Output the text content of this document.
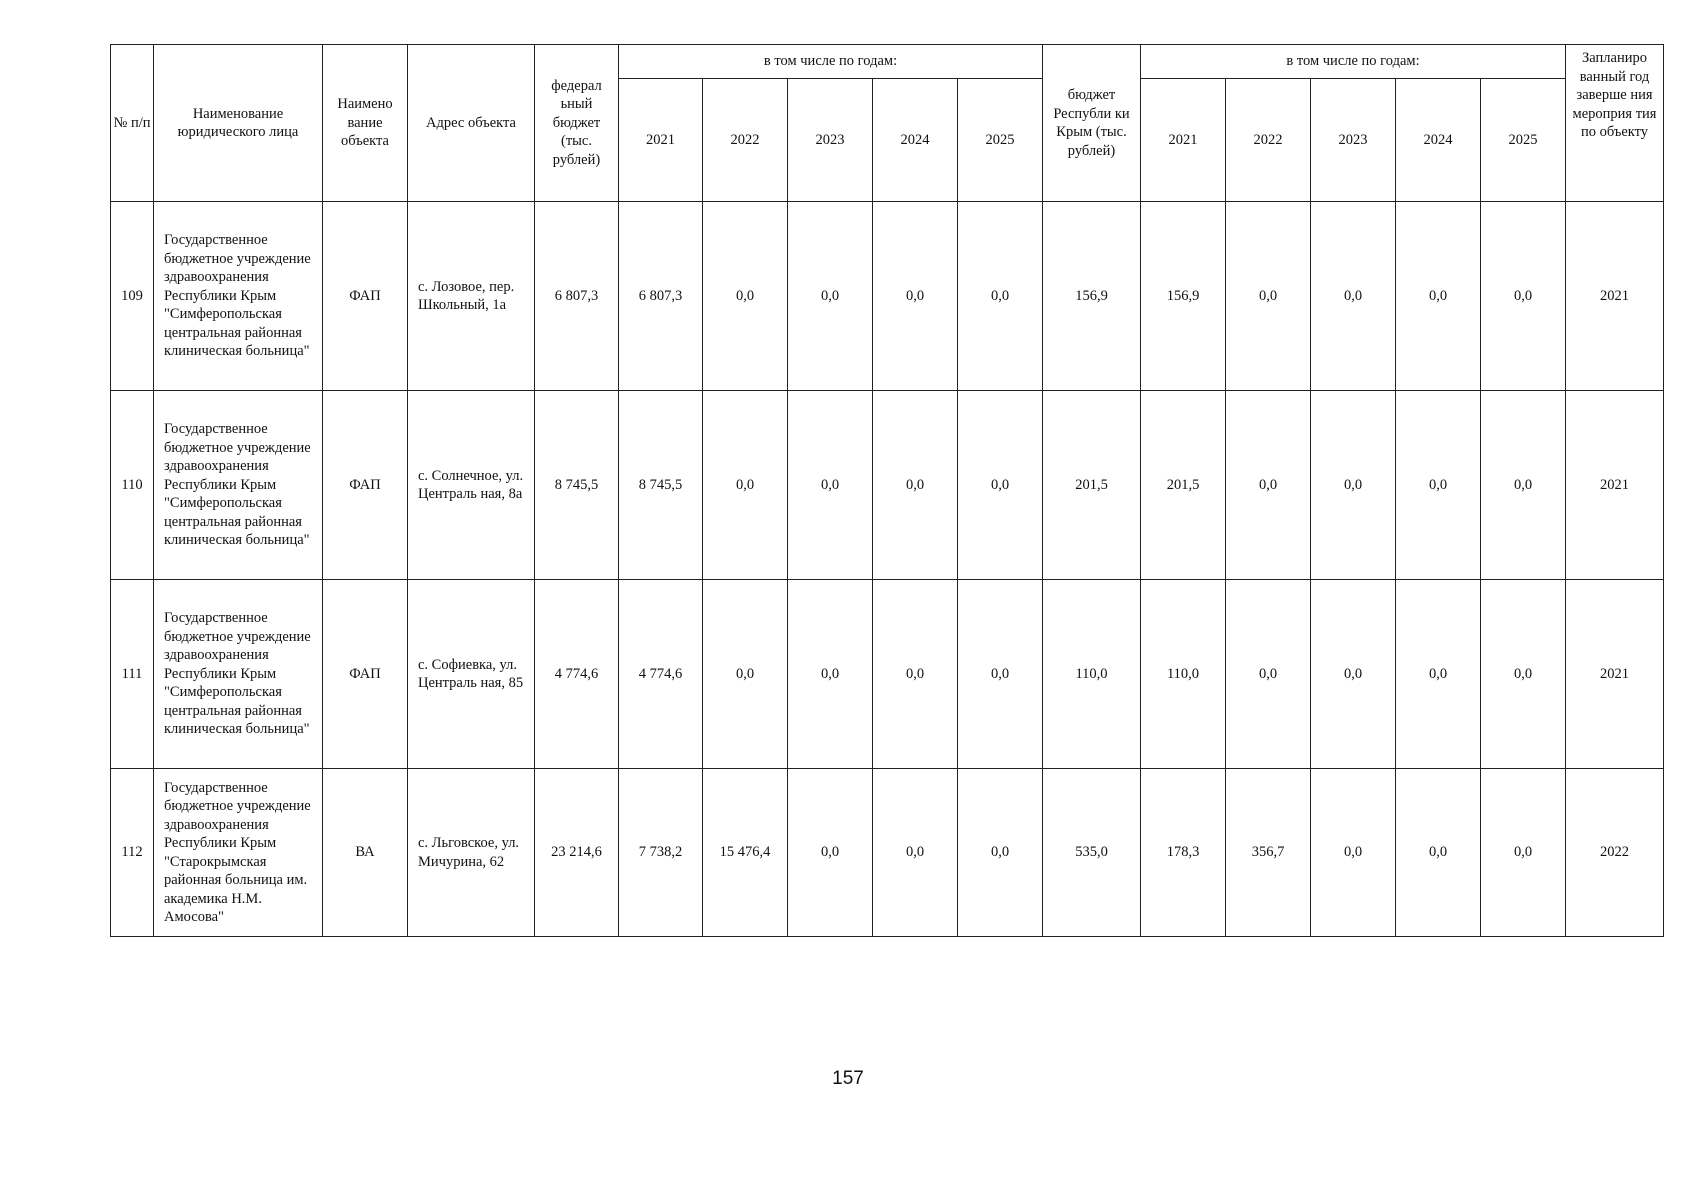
№ п/п	Наименование юридического лица	Наимено вание объекта	Адрес объекта	федерал ьный бюджет (тыс. рублей)	в том числе по годам:					бюджет Республи ки Крым (тыс. рублей)	в том числе по годам:					Запланиро ванный год заверше ния мероприя тия по объекту
					2021	2022	2023	2024	2025		2021	2022	2023	2024	2025	
109	Государственное бюджетное учреждение здравоохранения Республики Крым "Симферопольская центральная районная клиническая больница"	ФАП	с. Лозовое, пер. Школьный, 1а	6 807,3	6 807,3	0,0	0,0	0,0	0,0	156,9	156,9	0,0	0,0	0,0	0,0	2021
110	Государственное бюджетное учреждение здравоохранения Республики Крым "Симферопольская центральная районная клиническая больница"	ФАП	с. Солнечное, ул. Централь ная, 8а	8 745,5	8 745,5	0,0	0,0	0,0	0,0	201,5	201,5	0,0	0,0	0,0	0,0	2021
111	Государственное бюджетное учреждение здравоохранения Республики Крым "Симферопольская центральная районная клиническая больница"	ФАП	с. Софиевка, ул. Централь ная, 85	4 774,6	4 774,6	0,0	0,0	0,0	0,0	110,0	110,0	0,0	0,0	0,0	0,0	2021
112	Государственное бюджетное учреждение здравоохранения Республики Крым "Старокрымская районная больница им. академика Н.М. Амосова"	ВА	с. Льговское, ул. Мичурина, 62	23 214,6	7 738,2	15 476,4	0,0	0,0	0,0	535,0	178,3	356,7	0,0	0,0	0,0	2022
157
